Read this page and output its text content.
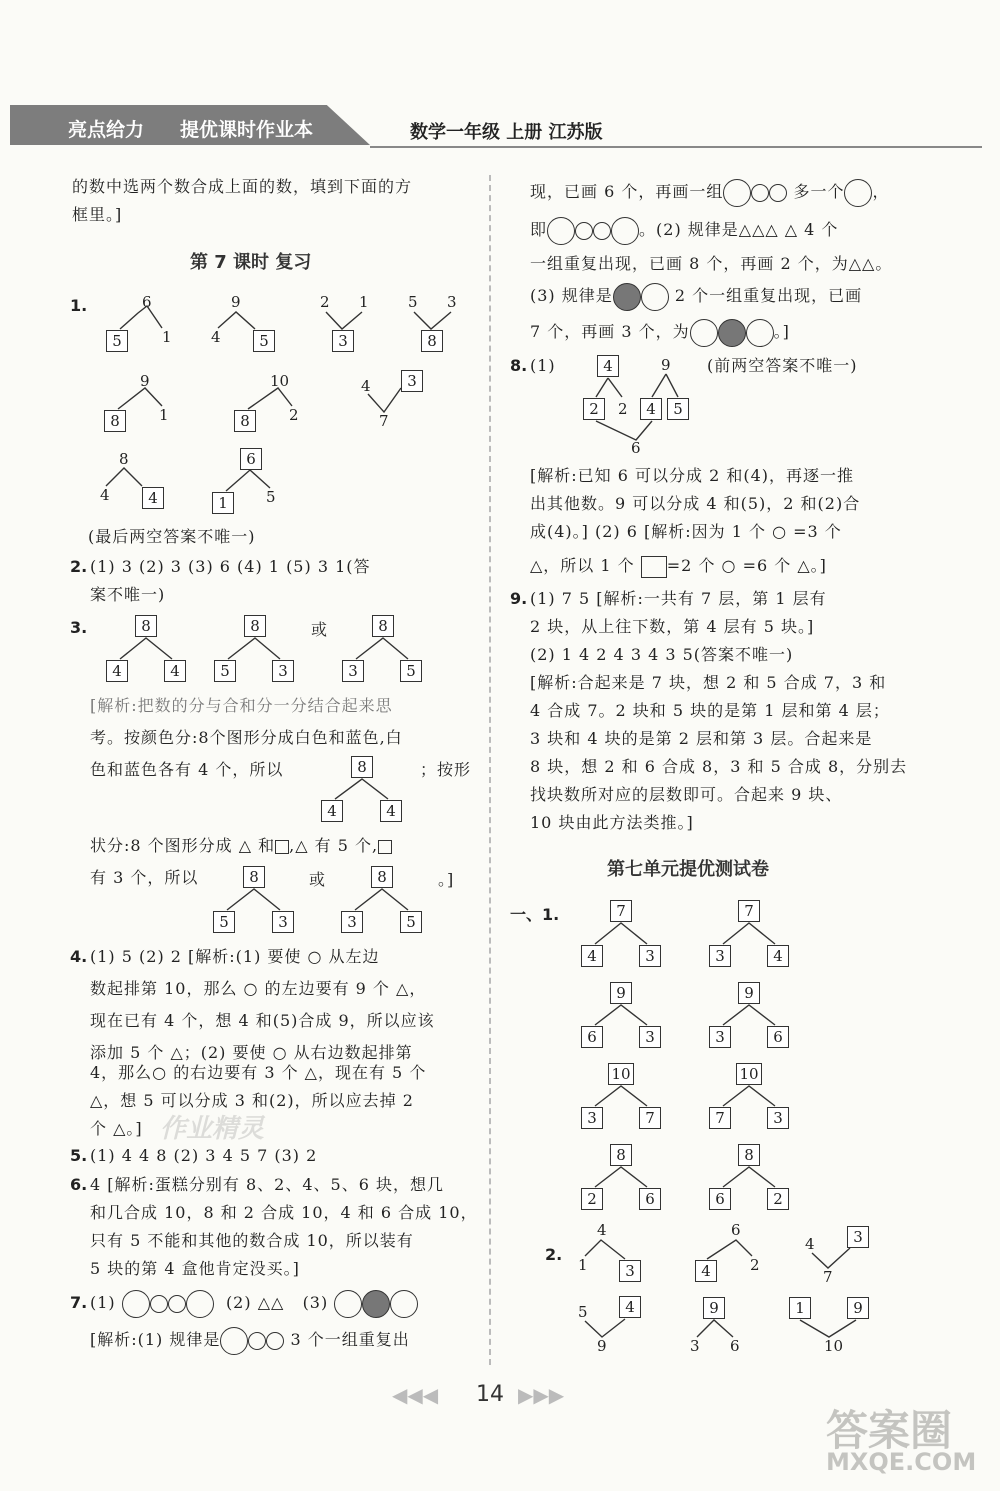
亮点给力 提优课时作业本	数学一年级 上册 江苏版
的数中选两个数合成上面的数，填到下面的方
框里。]
第 7 课时 复习
1.	6
5	1
9
4	5
2 1
3
5 3
8
9
8	1
10
8	2
4	3
7
8
4	4
6
1	5
(最后两空答案不唯一)
2. (1) 3 (2) 3 (3) 6 (4) 1 (5) 3 1(答
案不唯一)
3.	8
4	4
8
5	3
或	8
3	5
[解析:把数的分与合和分一分结合起来思
考。按颜色分:8个图形分成白色和蓝色,白
色和蓝色各有 4 个，所以	8
4	4
；按形
状分:8 个图形分成 △ 和 ,△ 有 5 个,
有 3 个，所以	8
5	3
或	8
3	5
。]
4. (1) 5 (2) 2 [解析:(1) 要使 ○ 从左边
数起排第 10，那么 ○ 的左边要有 9 个 △，
现在已有 4 个，想 4 和(5)合成 9，所以应该
添加 5 个 △；(2) 要使 ○ 从右边数起排第
4，那么○ 的右边要有 3 个 △，现在有 5 个
△，想 5 可以分成 3 和(2)，所以应去掉 2
个 △。]
5. (1) 4 4 8 (2) 3 4 5 7 (3) 2
6. 4 [解析:蛋糕分别有 8、2、4、5、6 块，想几
和几合成 10，8 和 2 合成 10，4 和 6 合成 10，
只有 5 不能和其他的数合成 10，所以装有
5 块的第 4 盒他肯定没买。]
7. (1)	(2) △△ (3)
[解析:(1) 规律是	3 个一组重复出
现，已画 6 个，再画一组	多一个 ，
即	。(2) 规律是△△△ △ 4 个
一组重复出现，已画 8 个，再画 2 个，为△△。
(3) 规律是	2 个一组重复出现，已画
7 个，再画 3 个，为	。]
8. (1)	4	9
2	2	4	5
6
(前两空答案不唯一)
[解析:已知 6 可以分成 2 和(4)，再逐一推
出其他数。9 可以分成 4 和(5)，2 和(2)合
成(4)。] (2) 6 [解析:因为 1 个 ○ =3 个
△，所以 1 个 =2 个 ○ =6 个 △。]
9. (1) 7 5 [解析:一共有 7 层，第 1 层有
2 块，从上往下数，第 4 层有 5 块。]
(2) 1 4 2 4 3 4 3 5(答案不唯一)
[解析:合起来是 7 块，想 2 和 5 合成 7，3 和
4 合成 7。2 块和 5 块的是第 1 层和第 4 层；
3 块和 4 块的是第 2 层和第 3 层。合起来是
8 块，想 2 和 6 合成 8，3 和 5 合成 8，分别去
找块数所对应的层数即可。合起来 9 块、
10 块由此方法类推。]
第七单元提优测试卷
一、1.	7
4	3
7
3	4
9
6	3
9
3	6
10
3	7
10
7	3
8
2	6
8
6	2
2.
4
1	3
6
4	2
4	3
7
5	4
9
9
3 6
1	9
10
作业精灵
答案圈
MXQE.COM
◀◀◀ 14 ▶▶▶
